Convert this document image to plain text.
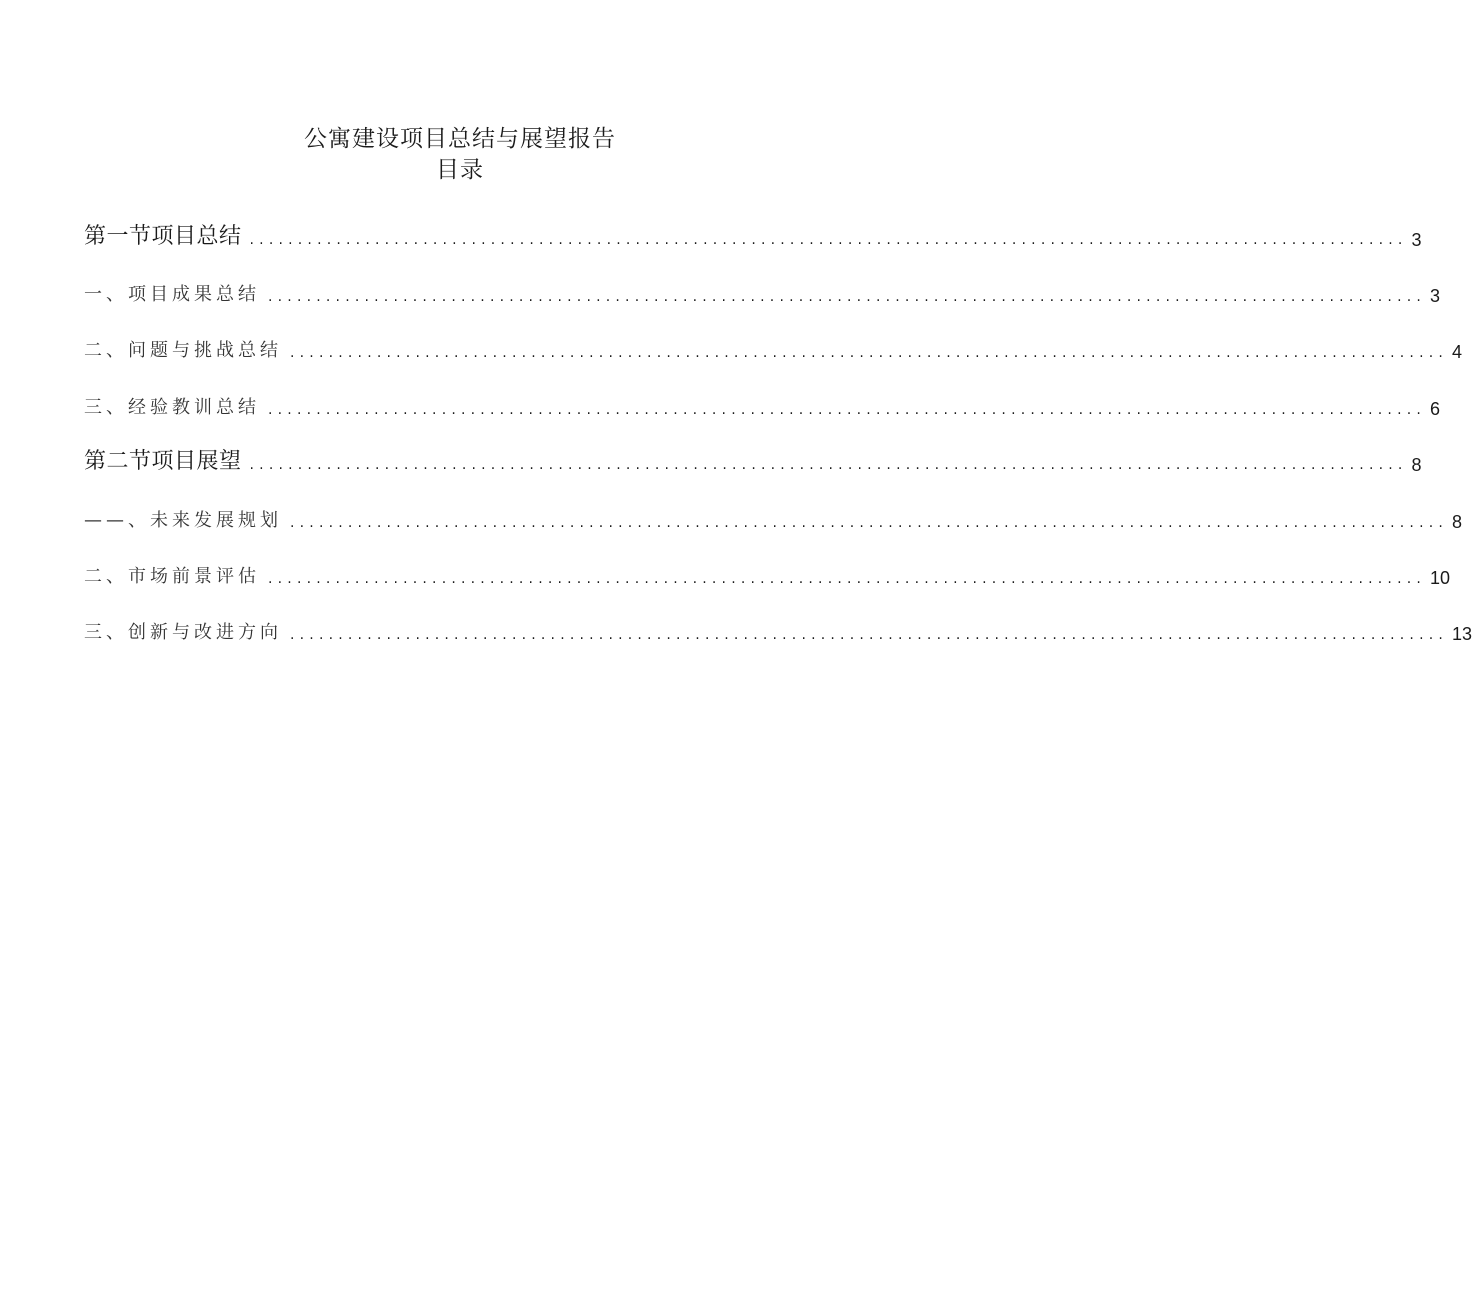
公寓建设项目总结与展望报告
目录
第一节项目总结 ........................................................................................................................ 3
一、项目成果总结 ........................................................................................................................ 3
二、问题与挑战总结 ........................................................................................................................ 4
三、经验教训总结 ........................................................................................................................ 6
第二节项目展望 ........................................................................................................................ 8
——、未来发展规划 ........................................................................................................................ 8
二、市场前景评估 ........................................................................................................................ 10
三、创新与改进方向 ........................................................................................................................ 13
